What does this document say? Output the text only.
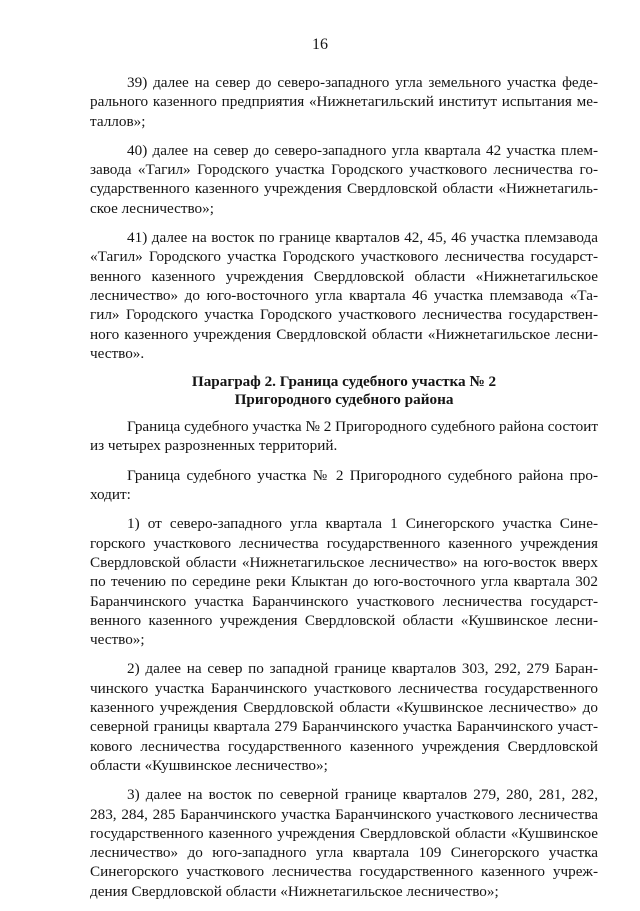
16

39) далее на север до северо-западного угла земельного участка федерального казенного предприятия «Нижнетагильский институт испытания металлов»;

40) далее на север до северо-западного угла квартала 42 участка племзавода «Тагил» Городского участка Городского участкового лесничества государственного казенного учреждения Свердловской области «Нижнетагильское лесничество»;

41) далее на восток по границе кварталов 42, 45, 46 участка племзавода «Тагил» Городского участка Городского участкового лесничества государственного казенного учреждения Свердловской области «Нижнетагильское лесничество» до юго-восточного угла квартала 46 участка племзавода «Тагил» Городского участка Городского участкового лесничества государственного казенного учреждения Свердловской области «Нижнетагильское лесничество».

Параграф 2. Граница судебного участка № 2
Пригородного судебного района

Граница судебного участка № 2 Пригородного судебного района состоит из четырех разрозненных территорий.

Граница судебного участка № 2 Пригородного судебного района проходит:

1) от северо-западного угла квартала 1 Синегорского участка Синегорского участкового лесничества государственного казенного учреждения Свердловской области «Нижнетагильское лесничество» на юго-восток вверх по течению по середине реки Клыктан до юго-восточного угла квартала 302 Баранчинского участка Баранчинского участкового лесничества государственного казенного учреждения Свердловской области «Кушвинское лесничество»;

2) далее на север по западной границе кварталов 303, 292, 279 Баранчинского участка Баранчинского участкового лесничества государственного казенного учреждения Свердловской области «Кушвинское лесничество» до северной границы квартала 279 Баранчинского участка Баранчинского участкового лесничества государственного казенного учреждения Свердловской области «Кушвинское лесничество»;

3) далее на восток по северной границе кварталов 279, 280, 281, 282, 283, 284, 285 Баранчинского участка Баранчинского участкового лесничества государственного казенного учреждения Свердловской области «Кушвинское лесничество» до юго-западного угла квартала 109 Синегорского участка Синегорского участкового лесничества государственного казенного учреждения Свердловской области «Нижнетагильское лесничество»;
